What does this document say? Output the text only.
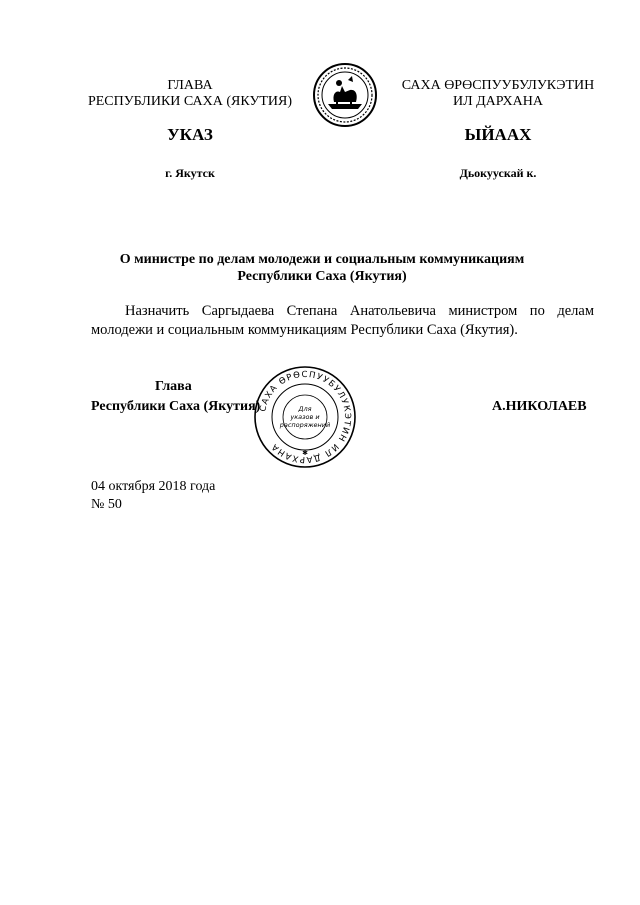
ГЛАВА
РЕСПУБЛИКИ САХА (ЯКУТИЯ)
САХА ӨРӨСПУУБУЛУКЭТИН
ИЛ ДАРХАНА
УКАЗ	ЫЙААХ
г. Якутск	Дьокуускай к.
О министре по делам молодежи и социальным коммуникациям
Республики Саха (Якутия)
Назначить Саргыдаева Степана Анатольевича министром по делам молодежи и социальным коммуникациям Республики Саха (Якутия).
Глава
Республики Саха (Якутия)	А.НИКОЛАЕВ
САХА ӨРӨСПУУБУЛУКЭТИН ИЛ ДАРХАНА
Для
указов и
распоряжений
✱
04 октября 2018 года
№ 50
